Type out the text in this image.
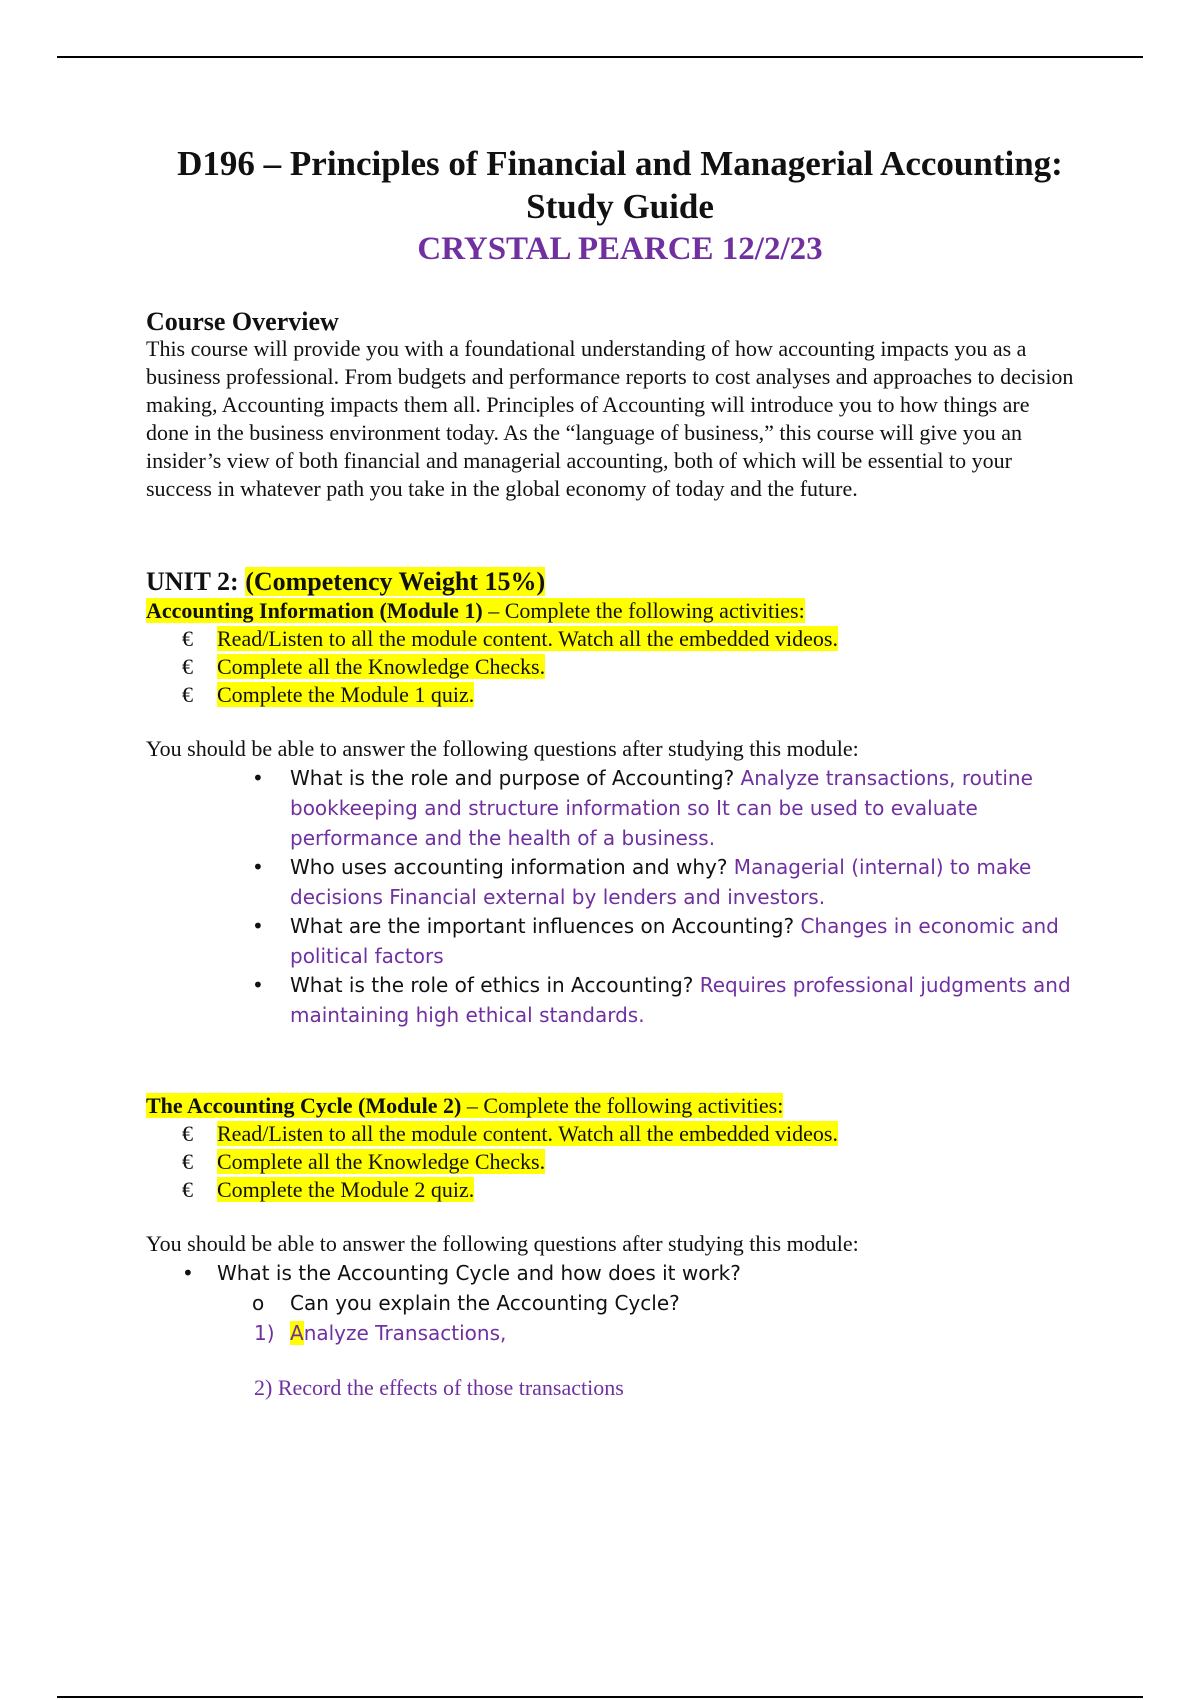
D196 – Principles of Financial and Managerial Accounting:
Study Guide
CRYSTAL PEARCE 12/2/23
Course Overview
This course will provide you with a foundational understanding of how accounting impacts you as a business professional. From budgets and performance reports to cost analyses and approaches to decision making, Accounting impacts them all. Principles of Accounting will introduce you to how things are done in the business environment today. As the “language of business,” this course will give you an insider’s view of both financial and managerial accounting, both of which will be essential to your success in whatever path you take in the global economy of today and the future.
UNIT 2: (Competency Weight 15%)
Accounting Information (Module 1) – Complete the following activities:
€ Read/Listen to all the module content. Watch all the embedded videos.
€ Complete all the Knowledge Checks.
€ Complete the Module 1 quiz.
You should be able to answer the following questions after studying this module:
• What is the role and purpose of Accounting? Analyze transactions, routine bookkeeping and structure information so It can be used to evaluate performance and the health of a business.
• Who uses accounting information and why? Managerial (internal) to make decisions Financial external by lenders and investors.
• What are the important influences on Accounting? Changes in economic and political factors
• What is the role of ethics in Accounting? Requires professional judgments and maintaining high ethical standards.
The Accounting Cycle (Module 2) – Complete the following activities:
€ Read/Listen to all the module content. Watch all the embedded videos.
€ Complete all the Knowledge Checks.
€ Complete the Module 2 quiz.
You should be able to answer the following questions after studying this module:
• What is the Accounting Cycle and how does it work?
o Can you explain the Accounting Cycle?
1) Analyze Transactions,
2) Record the effects of those transactions
